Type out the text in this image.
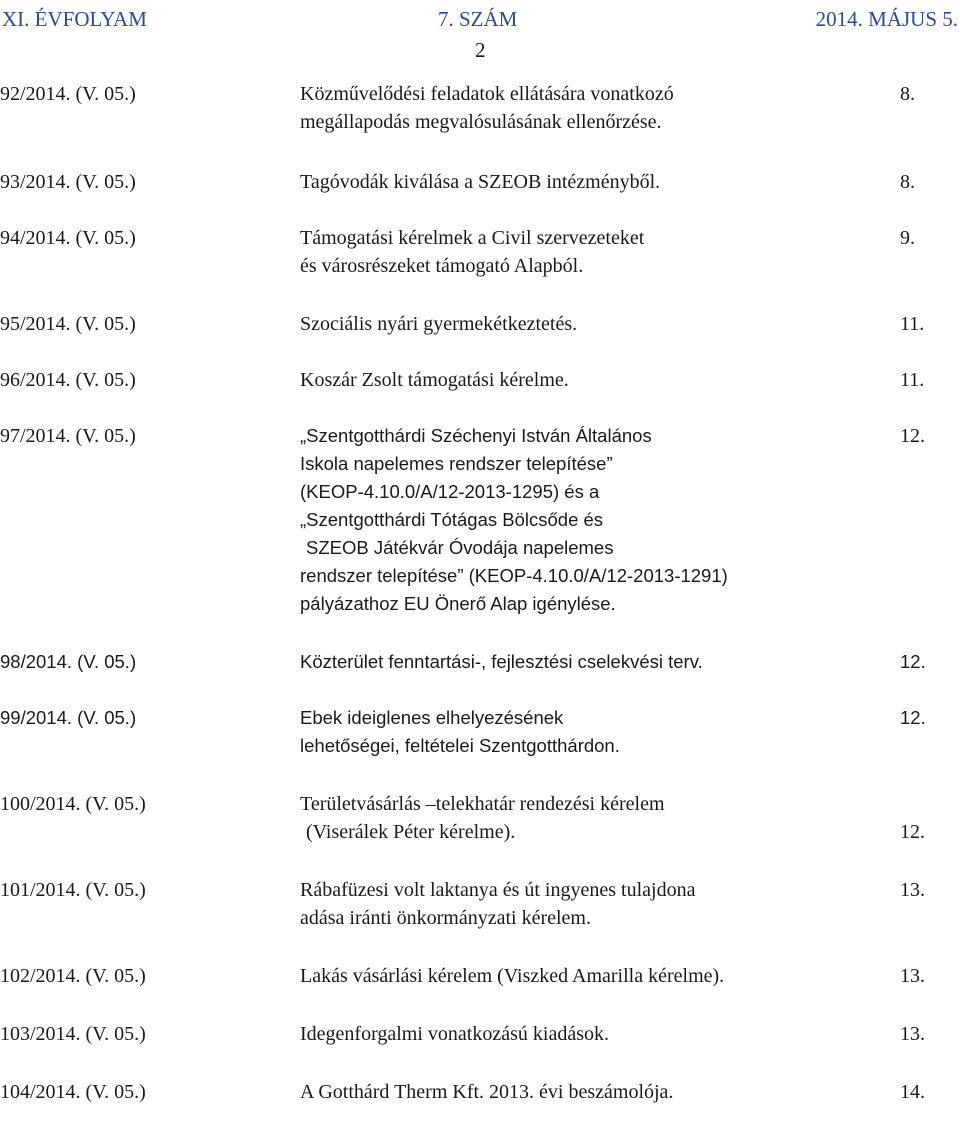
XI. ÉVFOLYAM	7. SZÁM	2014. MÁJUS 5.
2
92/2014. (V. 05.)	Közművelődési feladatok ellátására vonatkozó
megállapodás megvalósulásának ellenőrzése.
8.
93/2014. (V. 05.)	Tagóvodák kiválása a SZEOB intézményből.	8.
94/2014. (V. 05.)	Támogatási kérelmek a Civil szervezeteket
és városrészeket támogató Alapból.
9.
95/2014. (V. 05.)	Szociális nyári gyermekétkeztetés.	11.
96/2014. (V. 05.)	Koszár Zsolt támogatási kérelme.	11.
97/2014. (V. 05.)	„Szentgotthárdi Széchenyi István Általános
Iskola napelemes rendszer telepítése”
(KEOP-4.10.0/A/12-2013-1295) és a
„Szentgotthárdi Tótágas Bölcsőde és
SZEOB Játékvár Óvodája napelemes
rendszer telepítése” (KEOP-4.10.0/A/12-2013-1291)
pályázathoz EU Önerő Alap igénylése.
12.
98/2014. (V. 05.)	Közterület fenntartási-, fejlesztési cselekvési terv.	12.
99/2014. (V. 05.)	Ebek ideiglenes elhelyezésének
lehetőségei, feltételei Szentgotthárdon.
12.
100/2014. (V. 05.)	Területvásárlás –telekhatár rendezési kérelem
(Viserálek Péter kérelme).	12.
101/2014. (V. 05.)	Rábafüzesi volt laktanya és út ingyenes tulajdona
adása iránti önkormányzati kérelem.
13.
102/2014. (V. 05.)	Lakás vásárlási kérelem (Viszked Amarilla kérelme).	13.
103/2014. (V. 05.)	Idegenforgalmi vonatkozású kiadások.	13.
104/2014. (V. 05.)	A Gotthárd Therm Kft. 2013. évi beszámolója.	14.
